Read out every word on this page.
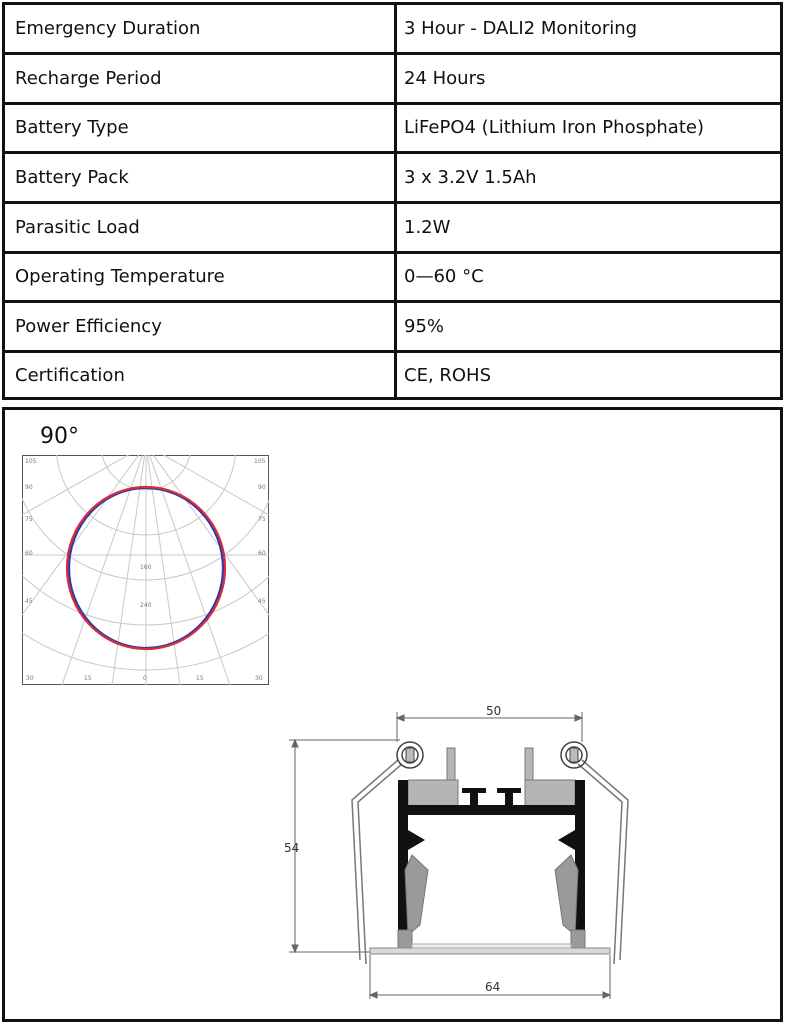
Emergency Duration	3 Hour - DALI2 Monitoring
Recharge Period	24 Hours
Battery Type	LiFePO4 (Lithium Iron Phosphate)
Battery Pack	3 x 3.2V 1.5Ah
Parasitic Load	1.2W
Operating Temperature	0—60 °C
Power Efficiency	95%
Certification	CE, ROHS
90°
105	105
90	90
75	75
60	60
45	45
30	15	0	15	30
160
240
50
54
64
